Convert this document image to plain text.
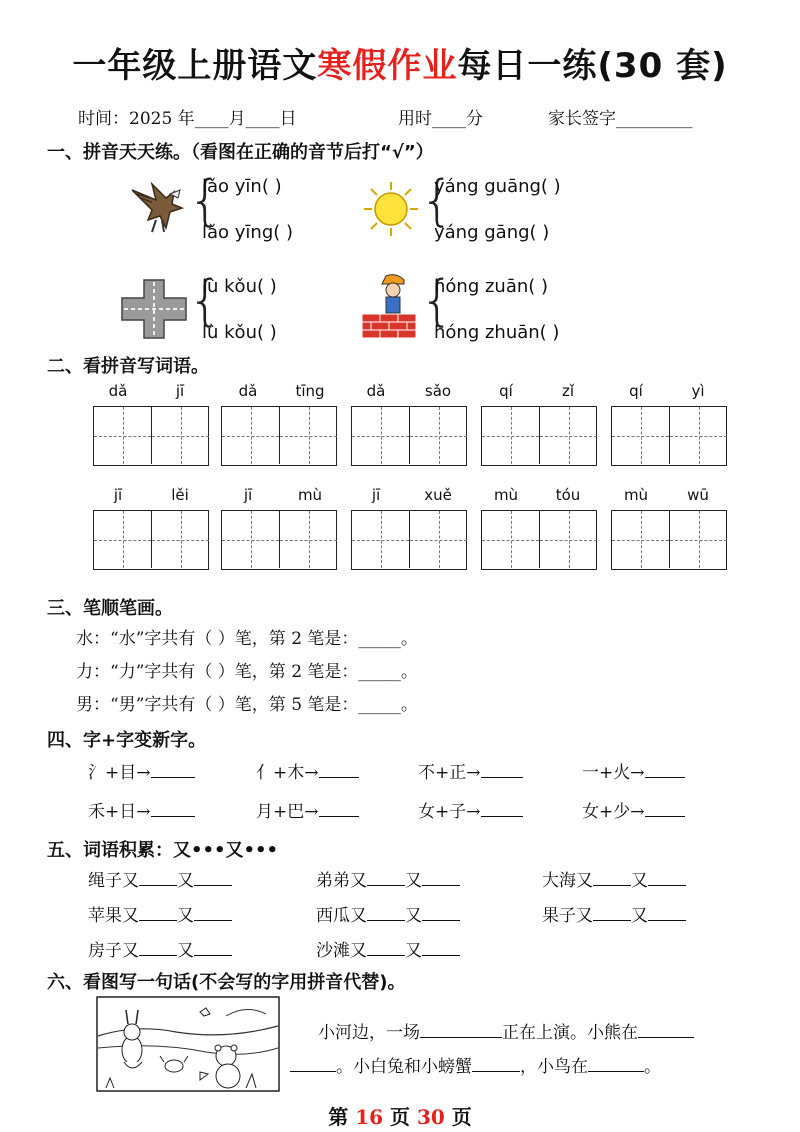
一年级上册语文寒假作业每日一练(30 套)
时间：2025 年____月____日	用时____分	家长签字_________
一、拼音天天练。（看图在正确的音节后打“√”）
{
lǎo yīn( )
lǎo yīng( )
{
yáng guāng( )
yáng gāng( )
{
lù kǒu( )
lù kǒu( )
{
hóng zuān( )
hóng zhuān( )
二、看拼音写词语。
dǎ	jī	dǎ	tīng	dǎ	sǎo	qí	zǐ	qí	yì
jī	lěi	jī	mù	jī	xuě	mù	tóu	mù	wū
三、笔顺笔画。
水：“水”字共有（ ）笔，第 2 笔是：_____。
力：“力”字共有（ ）笔，第 2 笔是：_____。
男：“男”字共有（ ）笔，第 5 笔是：_____。
四、字+字变新字。
氵+目→	亻+木→	不+正→	一+火→
禾+日→	月+巴→	女+子→	女+少→
五、词语积累：又•••又•••
绳子又 又	弟弟又 又	大海又 又
苹果又 又	西瓜又 又	果子又 又
房子又 又	沙滩又 又
六、看图写一句话(不会写的字用拼音代替)。
小河边，一场	正在上演。小熊在
。小白兔和小螃蟹	，小鸟在	。
第 16 页 30 页
